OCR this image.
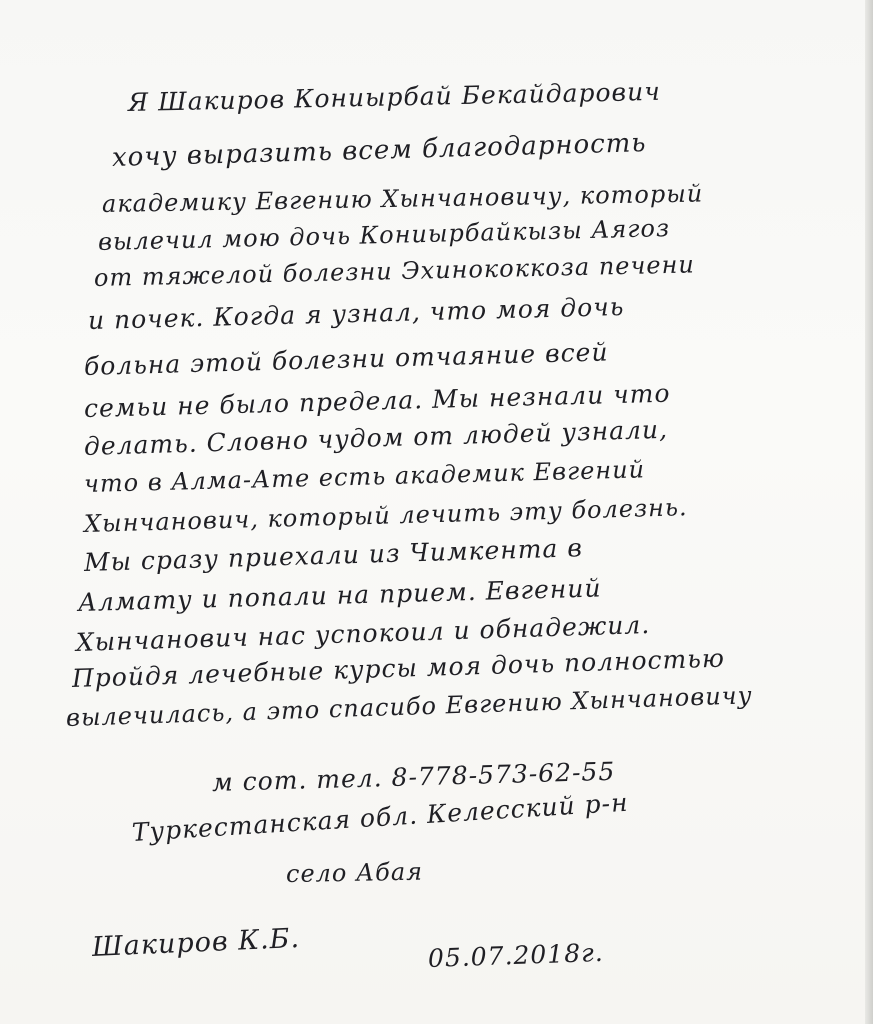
Я Шакиров Кониырбай Бекайдарович
хочу выразить всем благодарность
академику Евгению Хынчановичу, который
вылечил мою дочь Кониырбайкызы Аягоз
от тяжелой болезни Эхинококкоза печени
и почек. Когда я узнал, что моя дочь
больна этой болезни отчаяние всей
семьи не было предела. Мы незнали что
делать. Словно чудом от людей узнали,
что в Алма-Ате есть академик Евгений
Хынчанович, который лечить эту болезнь.
Мы сразу приехали из Чимкента в
Алмату и попали на прием. Евгений
Хынчанович нас успокоил и обнадежил.
Пройдя лечебные курсы моя дочь полностью
вылечилась, а это спасибо Евгению Хынчановичу
м сот. тел. 8-778-573-62-55
Туркестанская обл. Келесский р-н
село Абая
Шакиров К.Б.	05.07.2018г.
